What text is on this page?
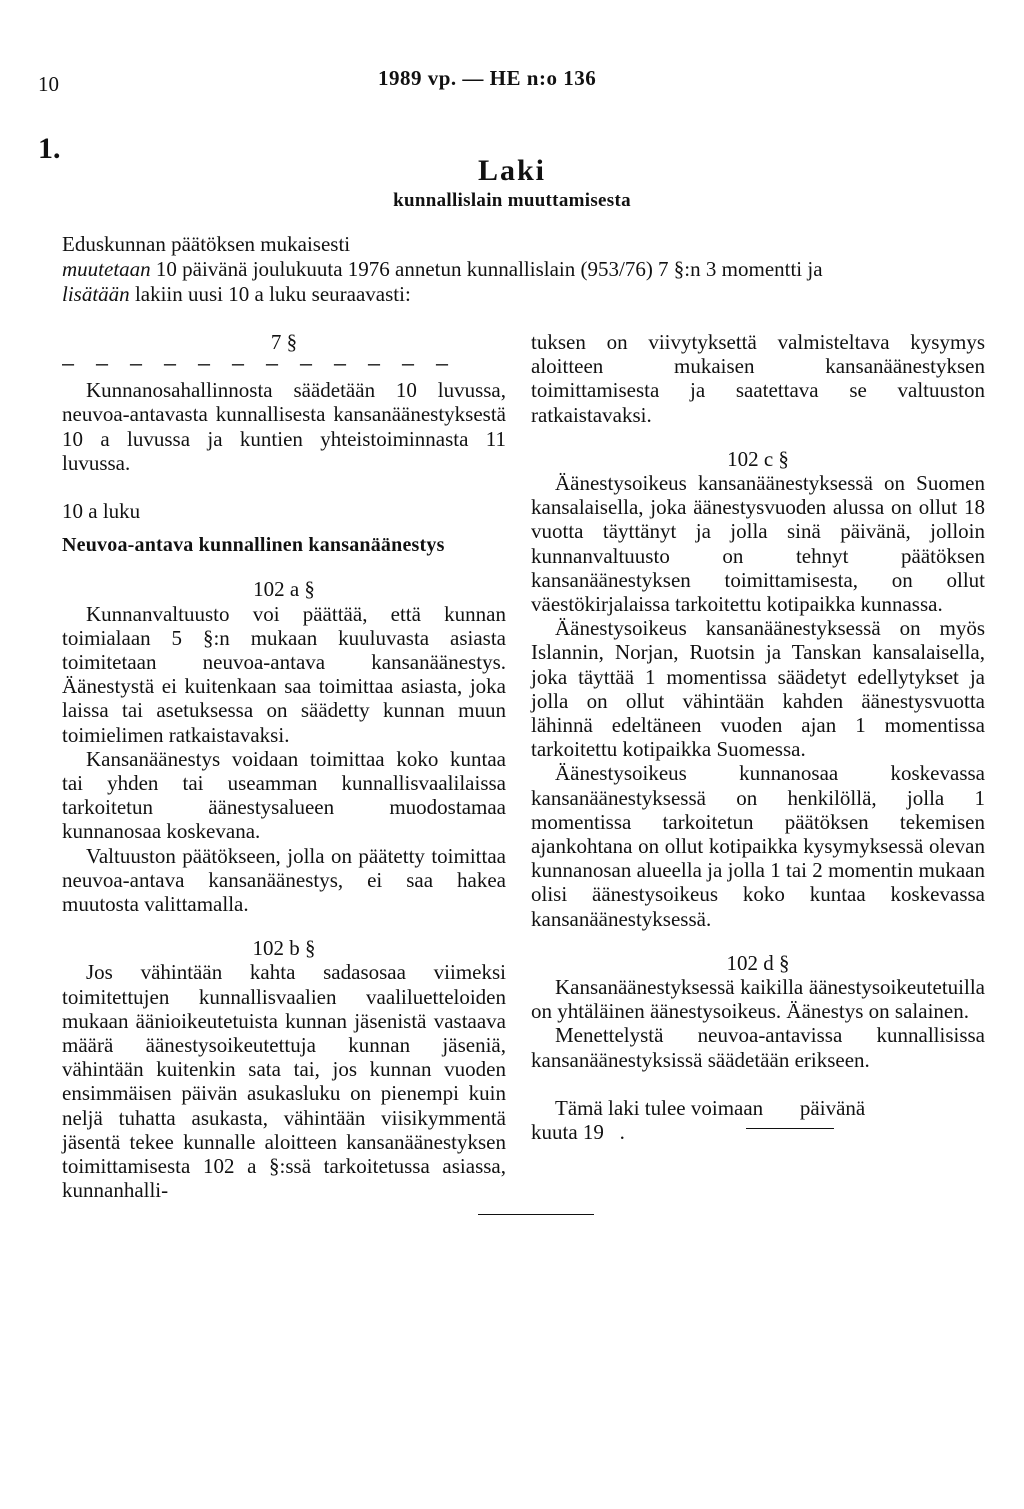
10	1989 vp. — HE n:o 136
1.
Laki
kunnallislain muuttamisesta

Eduskunnan päätöksen mukaisesti

muutetaan 10 päivänä joulukuuta 1976 annetun kunnallislain (953/76) 7 §:n 3 momentti ja

lisätään lakiin uusi 10 a luku seuraavasti:

7 §

— — — — — — — — — — — —

Kunnanosahallinnosta säädetään 10 luvussa, neuvoa-antavasta kunnallisesta kansanäänestyksestä 10 a luvussa ja kuntien yhteistoiminnasta 11 luvussa.

10 a luku

Neuvoa-antava kunnallinen kansanäänestys

102 a §

Kunnanvaltuusto voi päättää, että kunnan toimialaan 5 §:n mukaan kuuluvasta asiasta toimitetaan neuvoa-antava kansanäänestys. Äänestystä ei kuitenkaan saa toimittaa asiasta, joka laissa tai asetuksessa on säädetty kunnan muun toimielimen ratkaistavaksi.

Kansanäänestys voidaan toimittaa koko kuntaa tai yhden tai useamman kunnallisvaalilaissa tarkoitetun äänestysalueen muodostamaa kunnanosaa koskevana.

Valtuuston päätökseen, jolla on päätetty toimittaa neuvoa-antava kansanäänestys, ei saa hakea muutosta valittamalla.

102 b §

Jos vähintään kahta sadasosaa viimeksi toimitettujen kunnallisvaalien vaaliluetteloiden mukaan äänioikeutetuista kunnan jäsenistä vastaava määrä äänestysoikeutettuja kunnan jäseniä, vähintään kuitenkin sata tai, jos kunnan vuoden ensimmäisen päivän asukasluku on pienempi kuin neljä tuhatta asukasta, vähintään viisikymmentä jäsentä tekee kunnalle aloitteen kansanäänestyksen toimittamisesta 102 a §:ssä tarkoitetussa asiassa, kunnanhalli-

tuksen on viivytyksettä valmisteltava kysymys aloitteen mukaisen kansanäänestyksen toimittamisesta ja saatettava se valtuuston ratkaistavaksi.

102 c §

Äänestysoikeus kansanäänestyksessä on Suomen kansalaisella, joka äänestysvuoden alussa on ollut 18 vuotta täyttänyt ja jolla sinä päivänä, jolloin kunnanvaltuusto on tehnyt päätöksen kansanäänestyksen toimittamisesta, on ollut väestökirjalaissa tarkoitettu kotipaikka kunnassa.

Äänestysoikeus kansanäänestyksessä on myös Islannin, Norjan, Ruotsin ja Tanskan kansalaisella, joka täyttää 1 momentissa säädetyt edellytykset ja jolla on ollut vähintään kahden äänestysvuotta lähinnä edeltäneen vuoden ajan 1 momentissa tarkoitettu kotipaikka Suomessa.

Äänestysoikeus kunnanosaa koskevassa kansanäänestyksessä on henkilöllä, jolla 1 momentissa tarkoitetun päätöksen tekemisen ajankohtana on ollut kotipaikka kysymyksessä olevan kunnanosan alueella ja jolla 1 tai 2 momentin mukaan olisi äänestysoikeus koko kuntaa koskevassa kansanäänestyksessä.

102 d §

Kansanäänestyksessä kaikilla äänestysoikeutetuilla on yhtäläinen äänestysoikeus. Äänestys on salainen.

Menettelystä neuvoa-antavissa kunnallisissa kansanäänestyksissä säädetään erikseen.

Tämä laki tulee voimaan       päivänä

kuuta 19   .
